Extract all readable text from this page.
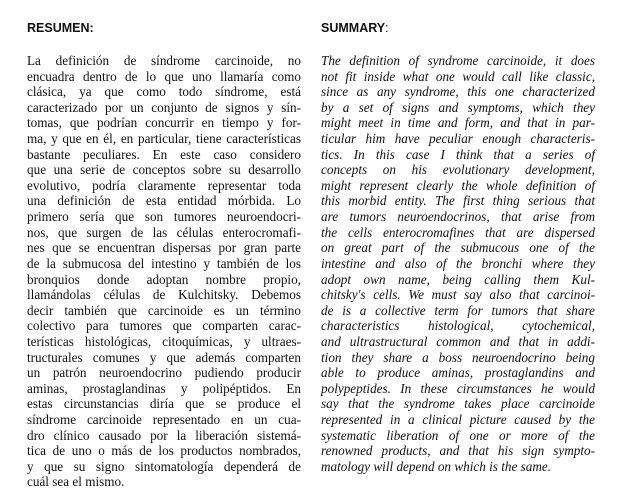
RESUMEN:
La definición de síndrome carcinoide, no
encuadra dentro de lo que uno llamaría como
clásica, ya que como todo síndrome, está
caracterizado por un conjunto de signos y sín-
tomas, que podrían concurrir en tiempo y for-
ma, y que en él, en particular, tiene características
bastante peculiares. En este caso considero
que una serie de conceptos sobre su desarrollo
evolutivo, podría claramente representar toda
una definición de esta entidad mórbida. Lo
primero sería que son tumores neuroendocri-
nos, que surgen de las células enterocromafi-
nes que se encuentran dispersas por gran parte
de la submucosa del intestino y también de los
bronquios donde adoptan nombre propio,
llamándolas células de Kulchitsky. Debemos
decir también que carcinoide es un término
colectivo para tumores que comparten carac-
terísticas histológicas, citoquímicas, y ultraes-
tructurales comunes y que además comparten
un patrón neuroendocrino pudiendo producir
aminas, prostaglandinas y polipéptidos. En
estas circunstancias diría que se produce el
síndrome carcinoide representado en un cua-
dro clínico causado por la liberación sistemá-
tica de uno o más de los productos nombrados,
y que su signo sintomatología dependerá de
cuál sea el mismo.
SUMMARY:
The definition of syndrome carcinoide, it does
not fit inside what one would call like classic,
since as any syndrome, this one characterized
by a set of signs and symptoms, which they
might meet in time and form, and that in par-
ticular him have peculiar enough characteris-
tics. In this case I think that a series of
concepts on his evolutionary development,
might represent clearly the whole definition of
this morbid entity. The first thing serious that
are tumors neuroendocrinos, that arise from
the cells enterocromafines that are dispersed
on great part of the submucous one of the
intestine and also of the bronchi where they
adopt own name, being calling them Kul-
chitsky's cells. We must say also that carcinoi-
de is a collective term for tumors that share
characteristics histological, cytochemical,
and ultrastructural common and that in addi-
tion they share a boss neuroendocrino being
able to produce aminas, prostaglandins and
polypeptides. In these circumstances he would
say that the syndrome takes place carcinoide
represented in a clinical picture caused by the
systematic liberation of one or more of the
renowned products, and that his sign sympto-
matology will depend on which is the same.
